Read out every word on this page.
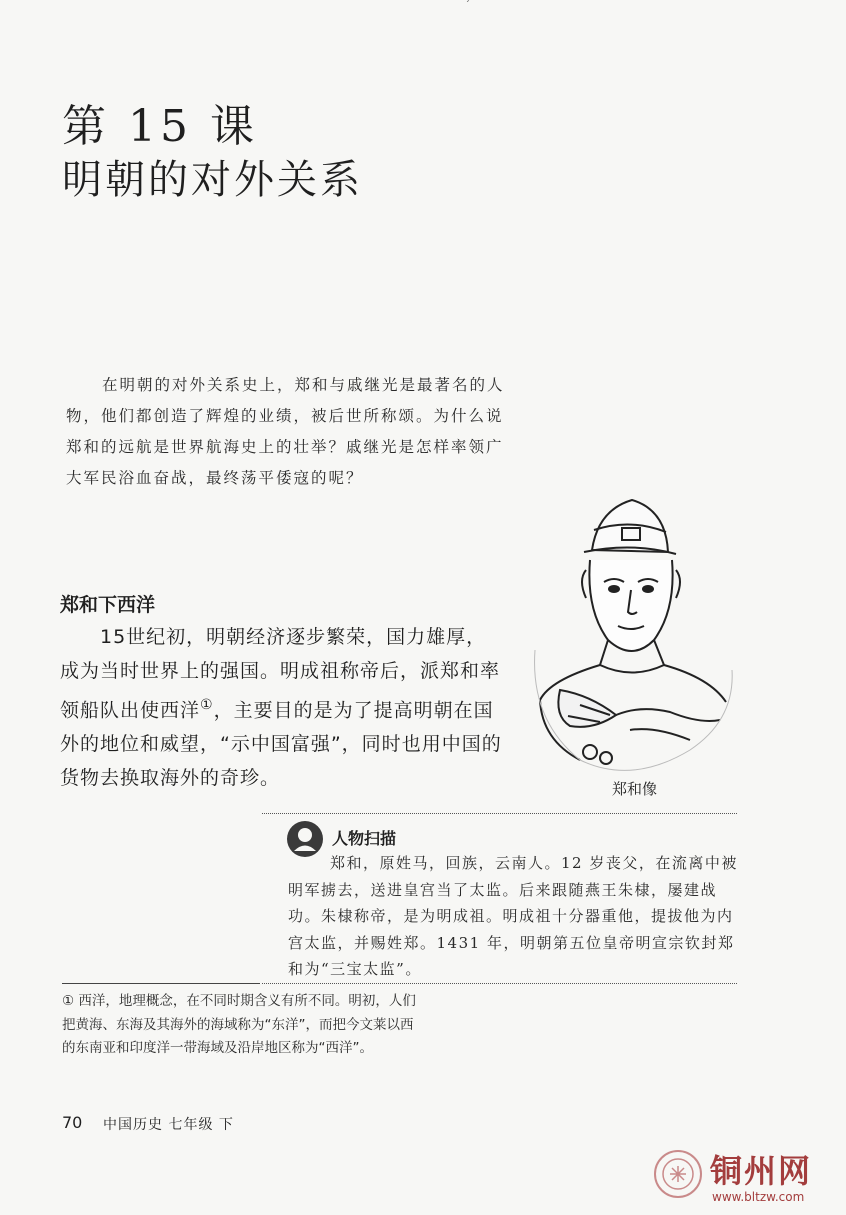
ˊ
第 15 课
明朝的对外关系
在明朝的对外关系史上，郑和与戚继光是最著名的人物，他们都创造了辉煌的业绩，被后世所称颂。为什么说郑和的远航是世界航海史上的壮举？戚继光是怎样率领广大军民浴血奋战，最终荡平倭寇的呢？
郑和下西洋
15世纪初，明朝经济逐步繁荣，国力雄厚，成为当时世界上的强国。明成祖称帝后，派郑和率领船队出使西洋①，主要目的是为了提高明朝在国外的地位和威望，“示中国富强”，同时也用中国的货物去换取海外的奇珍。	郑和像
人物扫描
郑和，原姓马，回族，云南人。12 岁丧父，在流离中被明军掳去，送进皇宫当了太监。后来跟随燕王朱棣，屡建战功。朱棣称帝，是为明成祖。明成祖十分器重他，提拔他为内宫太监，并赐姓郑。1431 年，明朝第五位皇帝明宣宗钦封郑和为“三宝太监”。
① 西洋，地理概念，在不同时期含义有所不同。明初，人们把黄海、东海及其海外的海域称为“东洋”，而把今文莱以西的东南亚和印度洋一带海域及沿岸地区称为“西洋”。
70 中国历史 七年级 下
铜州网
www.bltzw.com
